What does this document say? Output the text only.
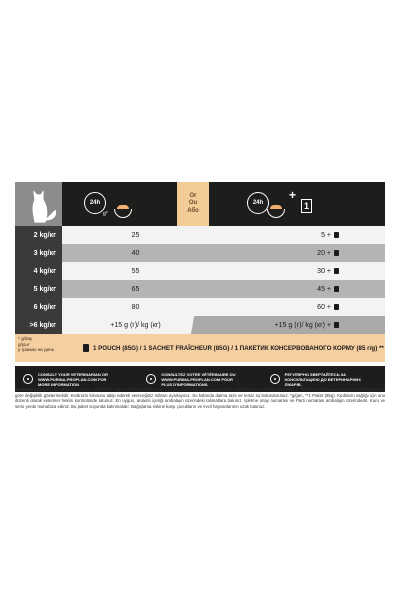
24h
g*
Or
Ou
Або
24h
+
1
2 kg/кг	25	5 +
3 kg/кг	40	20 +
4 kg/кг	55	30 +
5 kg/кг	65	45 +
6 kg/кг	80	60 +
>6 kg/кг	+15 g (г)/ kg (кг)	+15 g (г)/ kg (кг) +
* g/day
g/jour
у грамах на день	1 POUCH (85G) / 1 SACHET FRAÎCHEUR (85G) / 1 ПАКЕТИК КОНСЕРВОВАНОГО КОРМУ (85 г/g) **
CONSULT YOUR VETERINARIAN OR
WWW.PURINA-PROPLAN.COM FOR
MORE INFORMATION
CONSULTEZ VOTRE VÉTÉRINAIRE OU
WWW.PURINA-PROPLAN.COM POUR
PLUS D'INFORMATIONS
РЕГУЛЯРНО ЗВЕРТАЙТЕСЬ ЗА
КОНСУЛЬТАЦІЄЮ ДО ВЕТЕРИНАРНИХ
ЛІКАРІВ.
Besleme kılavuzu: Bu değerler tavsiye niteliğinde olup, kedinizin ideal vücut kondisyonunu korumasına yardımcı olabilmek için, aktivite seviyesine, fiziksel kondisyonuna ve kişisel ihtiyaçlarına göre değişiklik göstermelidir. Kedinizin kilosunu takip ederek vereceğiniz miktarı ayarlayınız. Su kabında daima taze ve temiz su bulundurunuz. *g/gün, **1 Paket (85g). Kedinizin sağlığı için onu düzenli olarak veteriner hekim kontrolünde tutunuz. En uygun, anlamlı içeriği ambalajın üzerindeki talimatlara bakınız. İşletme onay numarası ve Parti numarası ambalajın üzerindedir. Kuru ve serin yerde muhafaza ediniz. Bu paket soyunda kalınmalıdır. Bağışlama riskine karşı çocukların ve evcil hayvanlarının uzak tutunuz.
